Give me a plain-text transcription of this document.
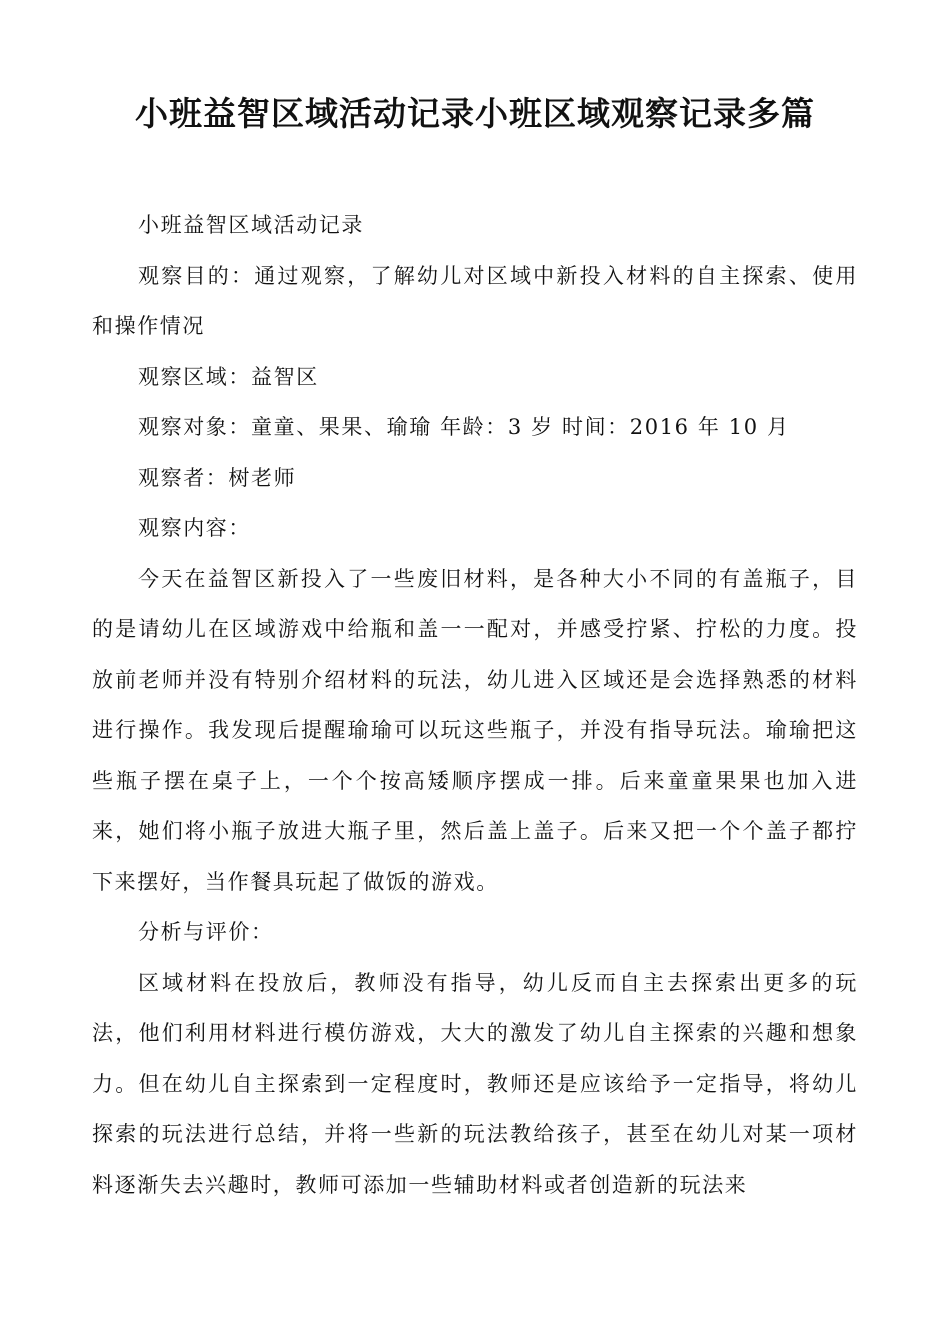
小班益智区域活动记录小班区域观察记录多篇

小班益智区域活动记录

观察目的：通过观察，了解幼儿对区域中新投入材料的自主探索、使用和操作情况

观察区域：益智区

观察对象：童童、果果、瑜瑜 年龄：3 岁 时间：2016 年 10 月

观察者：树老师

观察内容：

今天在益智区新投入了一些废旧材料，是各种大小不同的有盖瓶子，目的是请幼儿在区域游戏中给瓶和盖一一配对，并感受拧紧、拧松的力度。投放前老师并没有特别介绍材料的玩法，幼儿进入区域还是会选择熟悉的材料进行操作。我发现后提醒瑜瑜可以玩这些瓶子，并没有指导玩法。瑜瑜把这些瓶子摆在桌子上，一个个按高矮顺序摆成一排。后来童童果果也加入进来，她们将小瓶子放进大瓶子里，然后盖上盖子。后来又把一个个盖子都拧下来摆好，当作餐具玩起了做饭的游戏。

分析与评价：

区域材料在投放后，教师没有指导，幼儿反而自主去探索出更多的玩法，他们利用材料进行模仿游戏，大大的激发了幼儿自主探索的兴趣和想象力。但在幼儿自主探索到一定程度时，教师还是应该给予一定指导，将幼儿探索的玩法进行总结，并将一些新的玩法教给孩子，甚至在幼儿对某一项材料逐渐失去兴趣时，教师可添加一些辅助材料或者创造新的玩法来
